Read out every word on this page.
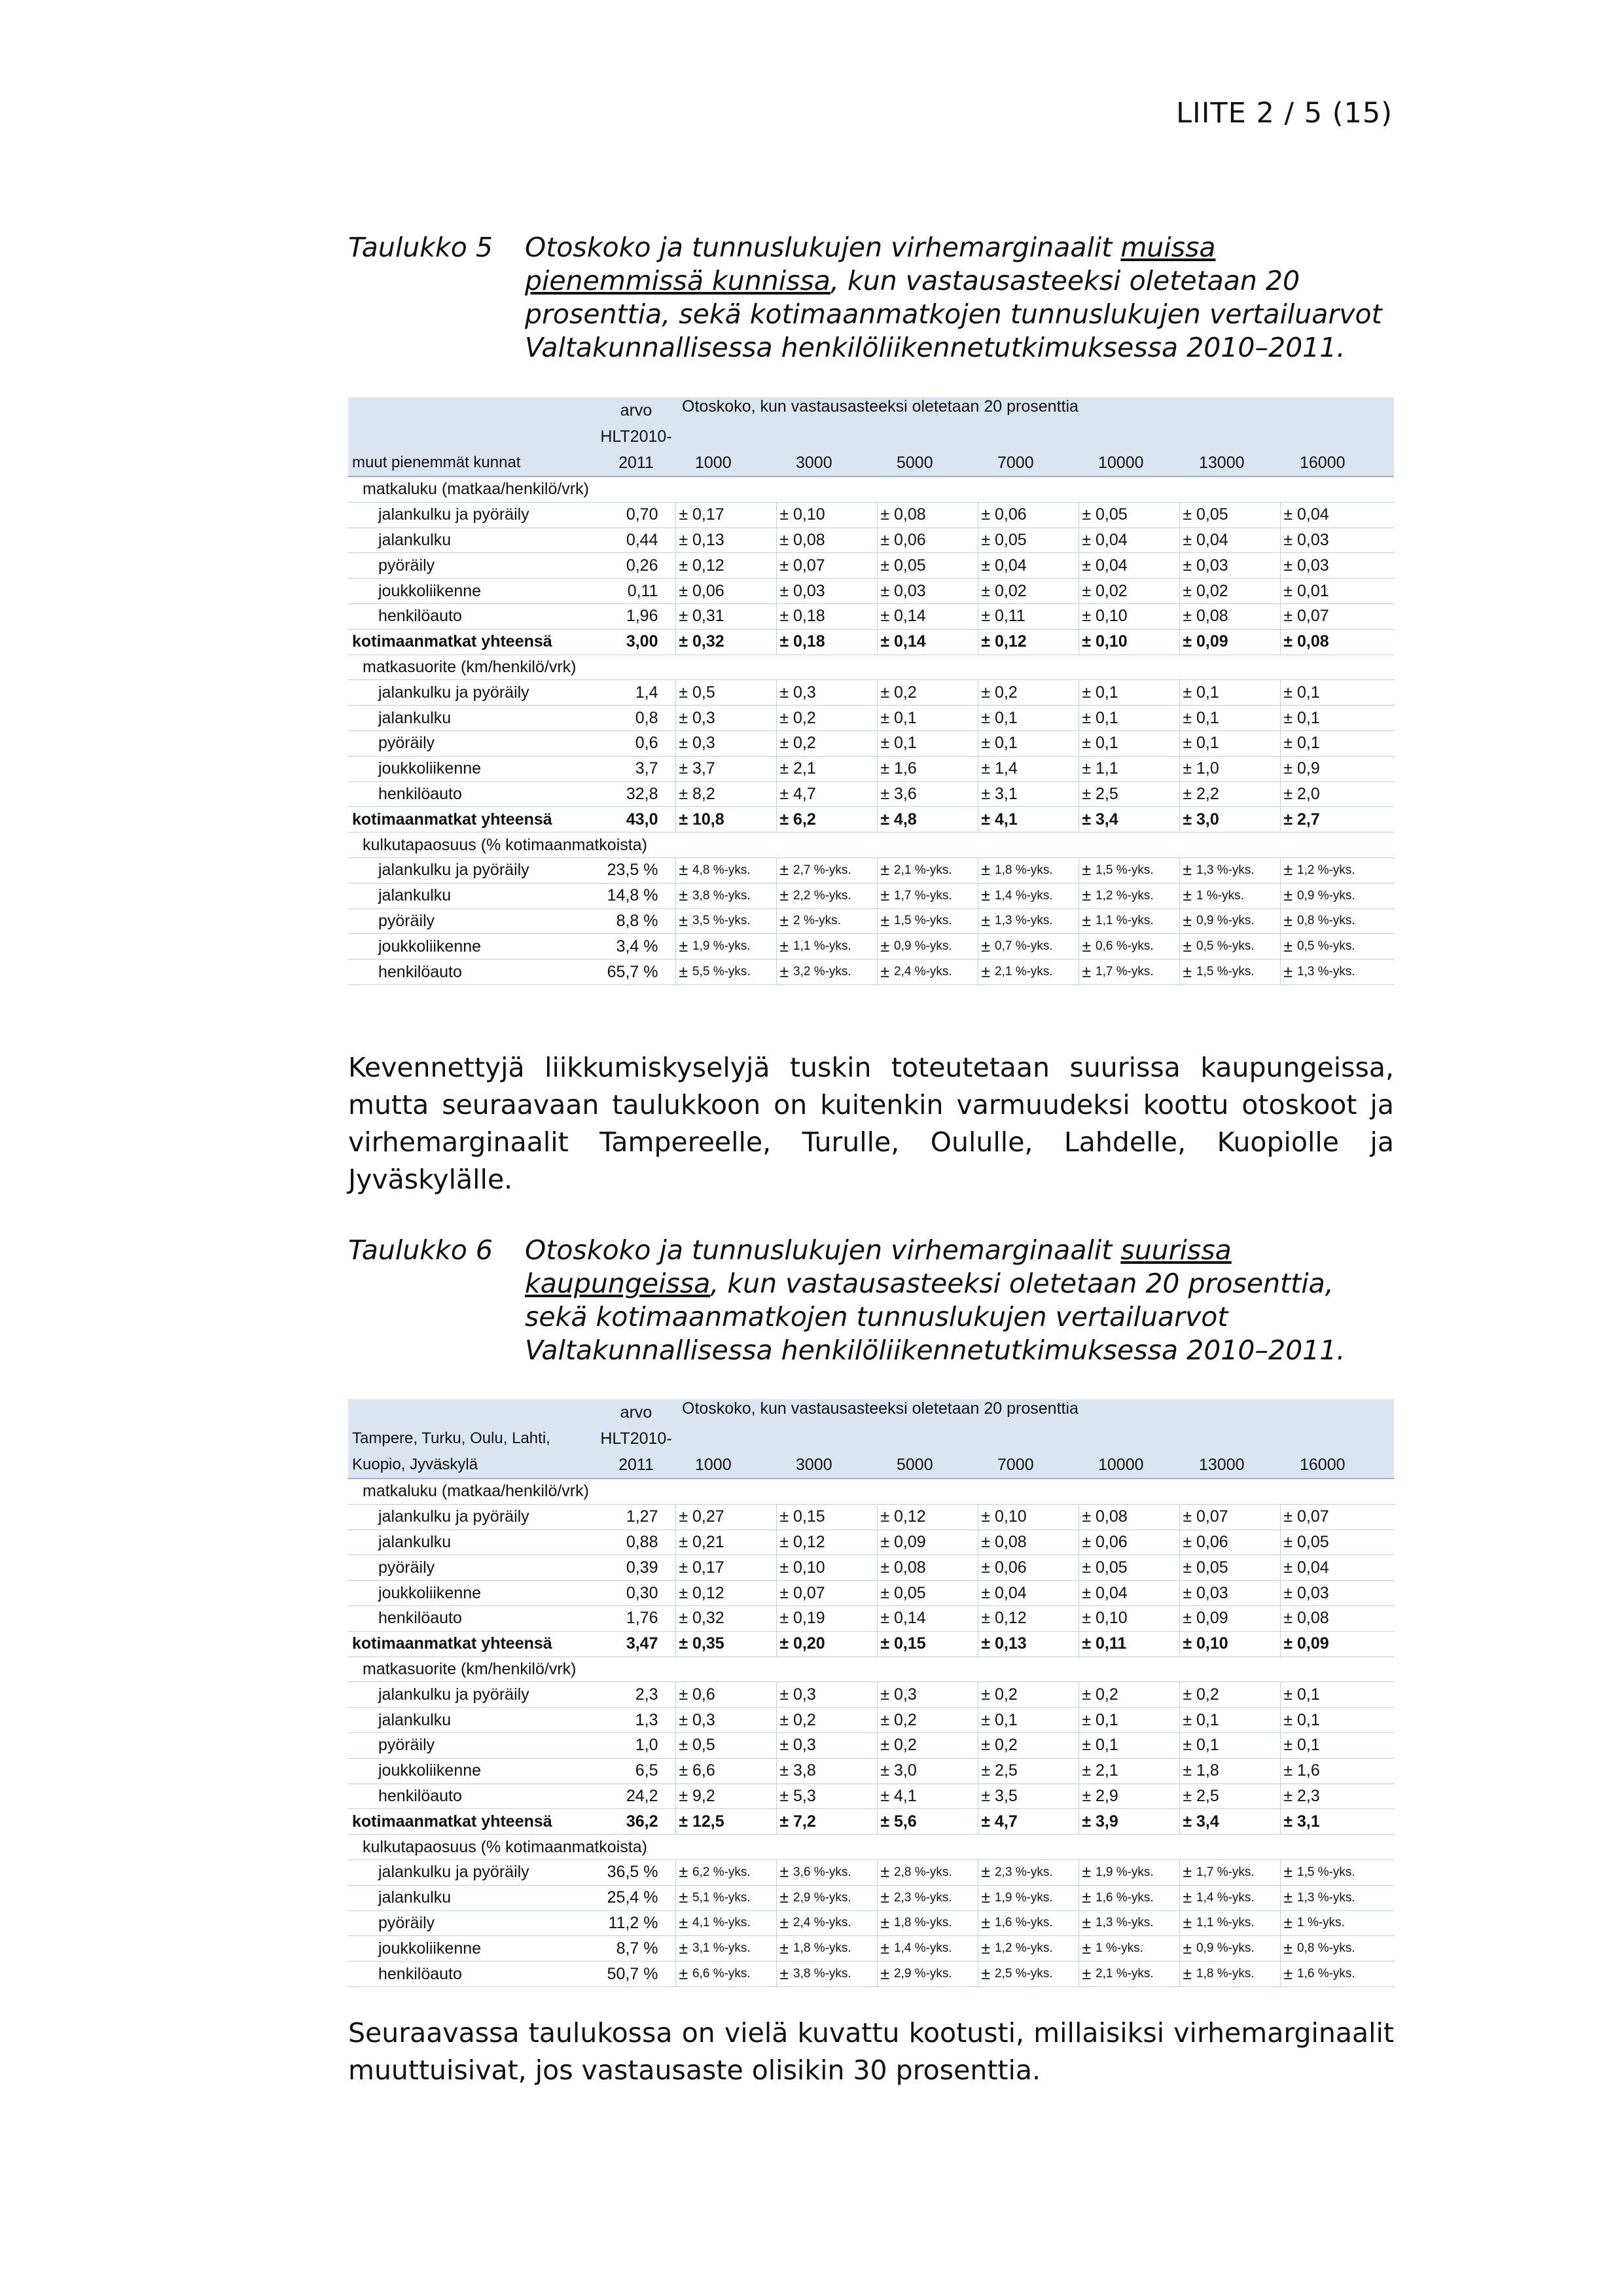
LIITE 2 / 5 (15)
Taulukko 5	Otoskoko ja tunnuslukujen virhemarginaalit muissa pienemmissä kunnissa, kun vastausasteeksi oletetaan 20 prosenttia, sekä kotimaanmatkojen tunnuslukujen vertailuarvot Valtakunnallisessa henkilöliikennetutkimuksessa 2010–2011.
	arvo	Otoskoko, kun vastausasteeksi oletetaan 20 prosenttia													
	HLT2010-														
muut pienemmät kunnat	2011	1000		3000		5000		7000		10000		13000		16000	
matkaluku (matkaa/henkilö/vrk)															
jalankulku ja pyöräily	0,70	±	0,17	±	0,10	±	0,08	±	0,06	±	0,05	±	0,05	±	0,04
jalankulku	0,44	±	0,13	±	0,08	±	0,06	±	0,05	±	0,04	±	0,04	±	0,03
pyöräily	0,26	±	0,12	±	0,07	±	0,05	±	0,04	±	0,04	±	0,03	±	0,03
joukkoliikenne	0,11	±	0,06	±	0,03	±	0,03	±	0,02	±	0,02	±	0,02	±	0,01
henkilöauto	1,96	±	0,31	±	0,18	±	0,14	±	0,11	±	0,10	±	0,08	±	0,07
kotimaanmatkat yhteensä	3,00	±	0,32	±	0,18	±	0,14	±	0,12	±	0,10	±	0,09	±	0,08
matkasuorite (km/henkilö/vrk)															
jalankulku ja pyöräily	1,4	±	0,5	±	0,3	±	0,2	±	0,2	±	0,1	±	0,1	±	0,1
jalankulku	0,8	±	0,3	±	0,2	±	0,1	±	0,1	±	0,1	±	0,1	±	0,1
pyöräily	0,6	±	0,3	±	0,2	±	0,1	±	0,1	±	0,1	±	0,1	±	0,1
joukkoliikenne	3,7	±	3,7	±	2,1	±	1,6	±	1,4	±	1,1	±	1,0	±	0,9
henkilöauto	32,8	±	8,2	±	4,7	±	3,6	±	3,1	±	2,5	±	2,2	±	2,0
kotimaanmatkat yhteensä	43,0	±	10,8	±	6,2	±	4,8	±	4,1	±	3,4	±	3,0	±	2,7
kulkutapaosuus (% kotimaanmatkoista)															
jalankulku ja pyöräily	23,5 %	±	4,8 %-yks.	±	2,7 %-yks.	±	2,1 %-yks.	±	1,8 %-yks.	±	1,5 %-yks.	±	1,3 %-yks.	±	1,2 %-yks.
jalankulku	14,8 %	±	3,8 %-yks.	±	2,2 %-yks.	±	1,7 %-yks.	±	1,4 %-yks.	±	1,2 %-yks.	±	1 %-yks.	±	0,9 %-yks.
pyöräily	8,8 %	±	3,5 %-yks.	±	2 %-yks.	±	1,5 %-yks.	±	1,3 %-yks.	±	1,1 %-yks.	±	0,9 %-yks.	±	0,8 %-yks.
joukkoliikenne	3,4 %	±	1,9 %-yks.	±	1,1 %-yks.	±	0,9 %-yks.	±	0,7 %-yks.	±	0,6 %-yks.	±	0,5 %-yks.	±	0,5 %-yks.
henkilöauto	65,7 %	±	5,5 %-yks.	±	3,2 %-yks.	±	2,4 %-yks.	±	2,1 %-yks.	±	1,7 %-yks.	±	1,5 %-yks.	±	1,3 %-yks.
Kevennettyjä liikkumiskyselyjä tuskin toteutetaan suurissa kaupungeissa, mutta seuraavaan taulukkoon on kuitenkin varmuudeksi koottu otoskoot ja virhemarginaalit Tampereelle, Turulle, Oululle, Lahdelle, Kuopiolle ja Jyväskylälle.
Taulukko 6	Otoskoko ja tunnuslukujen virhemarginaalit suurissa kaupungeissa, kun vastausasteeksi oletetaan 20 prosenttia, sekä kotimaanmatkojen tunnuslukujen vertailuarvot Valtakunnallisessa henkilöliikennetutkimuksessa 2010–2011.
	arvo	Otoskoko, kun vastausasteeksi oletetaan 20 prosenttia													
Tampere, Turku, Oulu, Lahti,	HLT2010-														
Kuopio, Jyväskylä	2011	1000		3000		5000		7000		10000		13000		16000	
matkaluku (matkaa/henkilö/vrk)															
jalankulku ja pyöräily	1,27	±	0,27	±	0,15	±	0,12	±	0,10	±	0,08	±	0,07	±	0,07
jalankulku	0,88	±	0,21	±	0,12	±	0,09	±	0,08	±	0,06	±	0,06	±	0,05
pyöräily	0,39	±	0,17	±	0,10	±	0,08	±	0,06	±	0,05	±	0,05	±	0,04
joukkoliikenne	0,30	±	0,12	±	0,07	±	0,05	±	0,04	±	0,04	±	0,03	±	0,03
henkilöauto	1,76	±	0,32	±	0,19	±	0,14	±	0,12	±	0,10	±	0,09	±	0,08
kotimaanmatkat yhteensä	3,47	±	0,35	±	0,20	±	0,15	±	0,13	±	0,11	±	0,10	±	0,09
matkasuorite (km/henkilö/vrk)															
jalankulku ja pyöräily	2,3	±	0,6	±	0,3	±	0,3	±	0,2	±	0,2	±	0,2	±	0,1
jalankulku	1,3	±	0,3	±	0,2	±	0,2	±	0,1	±	0,1	±	0,1	±	0,1
pyöräily	1,0	±	0,5	±	0,3	±	0,2	±	0,2	±	0,1	±	0,1	±	0,1
joukkoliikenne	6,5	±	6,6	±	3,8	±	3,0	±	2,5	±	2,1	±	1,8	±	1,6
henkilöauto	24,2	±	9,2	±	5,3	±	4,1	±	3,5	±	2,9	±	2,5	±	2,3
kotimaanmatkat yhteensä	36,2	±	12,5	±	7,2	±	5,6	±	4,7	±	3,9	±	3,4	±	3,1
kulkutapaosuus (% kotimaanmatkoista)															
jalankulku ja pyöräily	36,5 %	±	6,2 %-yks.	±	3,6 %-yks.	±	2,8 %-yks.	±	2,3 %-yks.	±	1,9 %-yks.	±	1,7 %-yks.	±	1,5 %-yks.
jalankulku	25,4 %	±	5,1 %-yks.	±	2,9 %-yks.	±	2,3 %-yks.	±	1,9 %-yks.	±	1,6 %-yks.	±	1,4 %-yks.	±	1,3 %-yks.
pyöräily	11,2 %	±	4,1 %-yks.	±	2,4 %-yks.	±	1,8 %-yks.	±	1,6 %-yks.	±	1,3 %-yks.	±	1,1 %-yks.	±	1 %-yks.
joukkoliikenne	8,7 %	±	3,1 %-yks.	±	1,8 %-yks.	±	1,4 %-yks.	±	1,2 %-yks.	±	1 %-yks.	±	0,9 %-yks.	±	0,8 %-yks.
henkilöauto	50,7 %	±	6,6 %-yks.	±	3,8 %-yks.	±	2,9 %-yks.	±	2,5 %-yks.	±	2,1 %-yks.	±	1,8 %-yks.	±	1,6 %-yks.
Seuraavassa taulukossa on vielä kuvattu kootusti, millaisiksi virhemarginaalit muuttuisivat, jos vastausaste olisikin 30 prosenttia.
